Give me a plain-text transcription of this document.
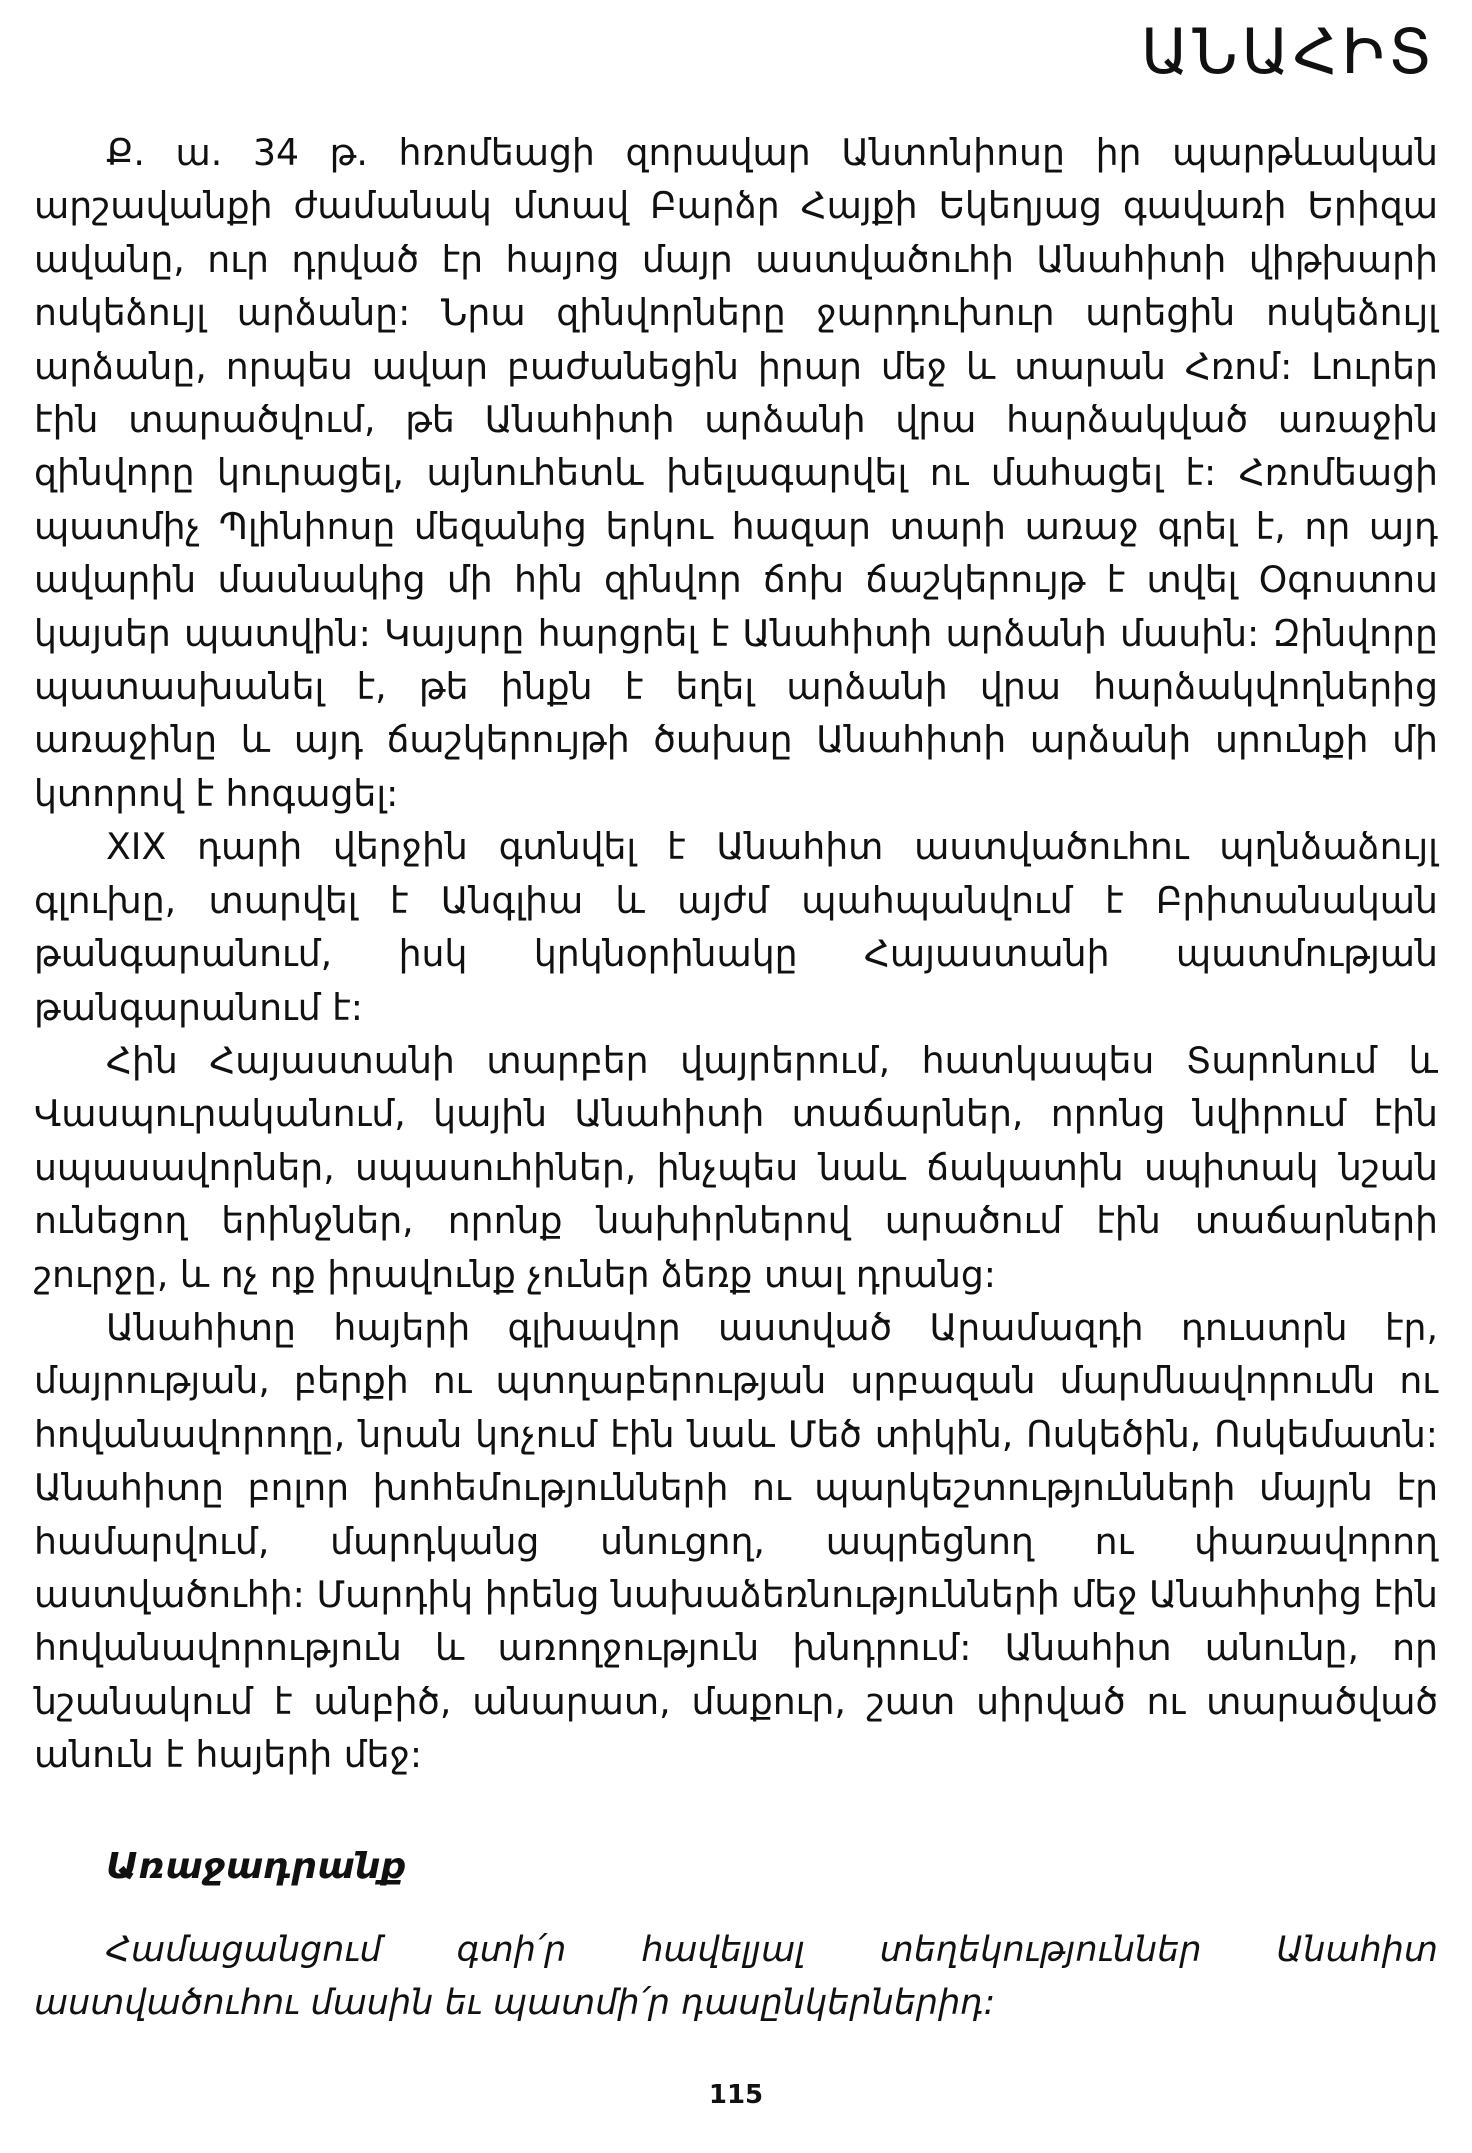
ԱՆԱՀԻՏ

Ք. ա. 34 թ. հռոմեացի զորավար Անտոնիոսը իր պարթևական արշավանքի ժամանակ մտավ Բարձր Հայքի Եկեղյաց գավառի Երիզա ավանը, ուր դրված էր հայոց մայր աստվածուհի Անահիտի վիթխարի ոսկեձույլ արձանը: Նրա զինվորները ջարդուխուր արեցին ոսկեձույլ արձանը, որպես ավար բաժանեցին իրար մեջ և տարան Հռոմ: Լուրեր էին տարածվում, թե Անահիտի արձանի վրա հարձակված առաջին զինվորը կուրացել, այնուհետև խելագարվել ու մահացել է: Հռոմեացի պատմիչ Պլինիոսը մեզանից երկու հազար տարի առաջ գրել է, որ այդ ավարին մասնակից մի հին զինվոր ճոխ ճաշկերույթ է տվել Օգոստոս կայսեր պատվին: Կայսրը հարցրել է Անահիտի արձանի մասին: Զինվորը պատասխանել է, թե ինքն է եղել արձանի վրա հարձակվողներից առաջինը և այդ ճաշկերույթի ծախսը Անահիտի արձանի սրունքի մի կտորով է հոգացել:

XIX դարի վերջին գտնվել է Անահիտ աստվածուհու պղնձաձույլ գլուխը, տարվել է Անգլիա և այժմ պահպանվում է Բրիտանական թանգարանում, իսկ կրկնօրինակը Հայաստանի պատմության թանգարանում է:

Հին Հայաստանի տարբեր վայրերում, հատկապես Տարոնում և Վասպուրականում, կային Անահիտի տաճարներ, որոնց նվիրում էին սպասավորներ, սպասուհիներ, ինչպես նաև ճակատին սպիտակ նշան ունեցող երինջներ, որոնք նախիրներով արածում էին տաճարների շուրջը, և ոչ ոք իրավունք չուներ ձեռք տալ դրանց:

Անահիտը հայերի գլխավոր աստված Արամազդի դուստրն էր, մայրության, բերքի ու պտղաբերության սրբազան մարմնավորումն ու հովանավորողը, նրան կոչում էին նաև Մեծ տիկին, Ոսկեծին, Ոսկեմատն: Անահիտը բոլոր խոհեմությունների ու պարկեշտությունների մայրն էր համարվում, մարդկանց սնուցող, ապրեցնող ու փառավորող աստվածուհի: Մարդիկ իրենց նախաձեռնությունների մեջ Անահիտից էին հովանավորություն և առողջություն խնդրում: Անահիտ անունը, որ նշանակում է անբիծ, անարատ, մաքուր, շատ սիրված ու տարածված անուն է հայերի մեջ:

Առաջադրանք

Համացանցում գտի՛ր հավելյալ տեղեկություններ Անահիտ աստվածուհու մասին եւ պատմի՛ր դասընկերներիդ:

115
